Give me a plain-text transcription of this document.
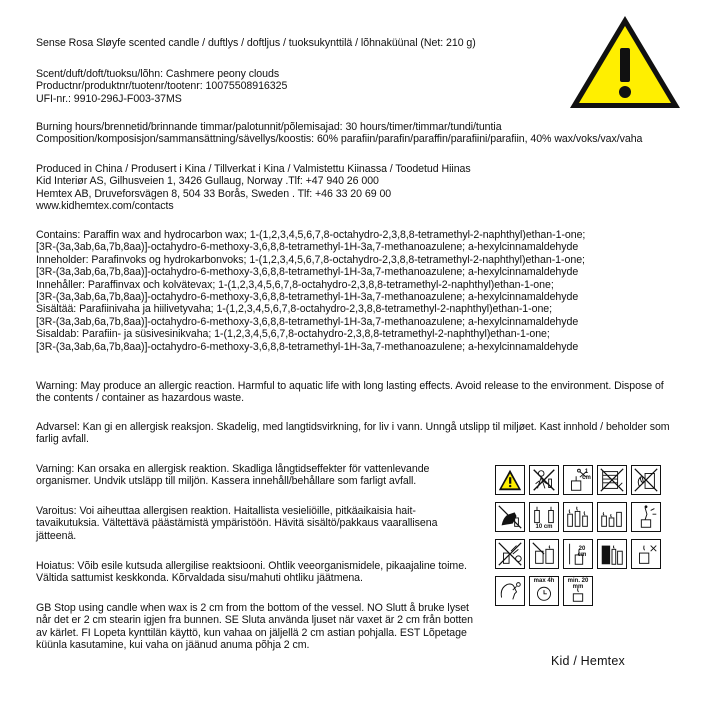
Sense Rosa Sløyfe scented candle / duftlys / doftljus / tuoksukynttilä / lõhnaküünal (Net: 210 g)
Scent/duft/doft/tuoksu/lõhn: Cashmere peony clouds
Productnr/produktnr/tuotenr/tootenr: 10075508916325
UFI-nr.: 9910-296J-F003-37MS
Burning hours/brennetid/brinnande timmar/palotunnit/põlemisajad: 30 hours/timer/timmar/tundi/tuntia
Composition/komposisjon/sammansättning/sävellys/koostis: 60% parafiin/parafin/paraffin/parafiini/parafiin, 40% wax/voks/vax/vaha
Produced in China / Produsert i Kina / Tillverkat i Kina / Valmistettu Kiinassa / Toodetud Hiinas
Kid Interiør AS, Gilhusveien 1, 3426 Gullaug, Norway .Tlf: +47 940 26 000
Hemtex AB, Druveforsvägen 8, 504 33 Borås, Sweden . Tlf: +46 33 20 69 00
www.kidhemtex.com/contacts
Contains: Paraffin wax and hydrocarbon wax; 1-(1,2,3,4,5,6,7,8-octahydro-2,3,8,8-tetramethyl-2-naphthyl)ethan-1-one;
[3R-(3a,3ab,6a,7b,8aa)]-octahydro-6-methoxy-3,6,8,8-tetramethyl-1H-3a,7-methanoazulene; a-hexylcinnamaldehyde
Inneholder: Parafinvoks og hydrokarbonvoks; 1-(1,2,3,4,5,6,7,8-octahydro-2,3,8,8-tetramethyl-2-naphthyl)ethan-1-one;
[3R-(3a,3ab,6a,7b,8aa)]-octahydro-6-methoxy-3,6,8,8-tetramethyl-1H-3a,7-methanoazulene; a-hexylcinnamaldehyde
Innehåller: Paraffinvax och kolvätevax; 1-(1,2,3,4,5,6,7,8-octahydro-2,3,8,8-tetramethyl-2-naphthyl)ethan-1-one;
[3R-(3a,3ab,6a,7b,8aa)]-octahydro-6-methoxy-3,6,8,8-tetramethyl-1H-3a,7-methanoazulene; a-hexylcinnamaldehyde
Sisältää: Parafiinivaha ja hiilivetyvaha; 1-(1,2,3,4,5,6,7,8-octahydro-2,3,8,8-tetramethyl-2-naphthyl)ethan-1-one;
[3R-(3a,3ab,6a,7b,8aa)]-octahydro-6-methoxy-3,6,8,8-tetramethyl-1H-3a,7-methanoazulene; a-hexylcinnamaldehyde
Sisaldab: Parafiin- ja süsivesinikvaha; 1-(1,2,3,4,5,6,7,8-octahydro-2,3,8,8-tetramethyl-2-naphthyl)ethan-1-one;
[3R-(3a,3ab,6a,7b,8aa)]-octahydro-6-methoxy-3,6,8,8-tetramethyl-1H-3a,7-methanoazulene; a-hexylcinnamaldehyde
Warning: May produce an allergic reaction. Harmful to aquatic life with long lasting effects. Avoid release to the environment. Dispose of the contents / container as hazardous waste.
Advarsel: Kan gi en allergisk reaksjon. Skadelig, med langtidsvirkning, for liv i vann. Unngå utslipp til miljøet. Kast innhold / beholder som farlig avfall.
Varning: Kan orsaka en allergisk reaktion. Skadliga långtidseffekter för vattenlevande organismer. Undvik utsläpp till miljön. Kassera innehåll/behållare som farligt avfall.
Varoitus: Voi aiheuttaa allergisen reaktion. Haitallista vesieliöille, pitkäaikaisia hait-tavaikutuksia. Vältettävä päästämistä ympäristöön. Hävitä sisältö/pakkaus vaarallisena jätteenä.
Hoiatus: Võib esile kutsuda allergilise reaktsiooni. Ohtlik veeorganismidele, pikaajaline toime. Vältida sattumist keskkonda. Kõrvaldada sisu/mahuti ohtliku jäätmena.
GB Stop using candle when wax is 2 cm from the bottom of the vessel. NO Slutt å bruke lyset når det er 2 cm stearin igjen fra bunnen. SE Sluta använda ljuset när vaxet är 2 cm från botten av kärlet. FI Lopeta kynttilän käyttö, kun vahaa on jäljellä 2 cm astian pohjalla. EST Lõpetage küünla kasutamine, kui vaha on jäänud anuma põhja 2 cm.
1 cm
10 cm
20 cm
max 4h	min. 20 mm
Kid / Hemtex
